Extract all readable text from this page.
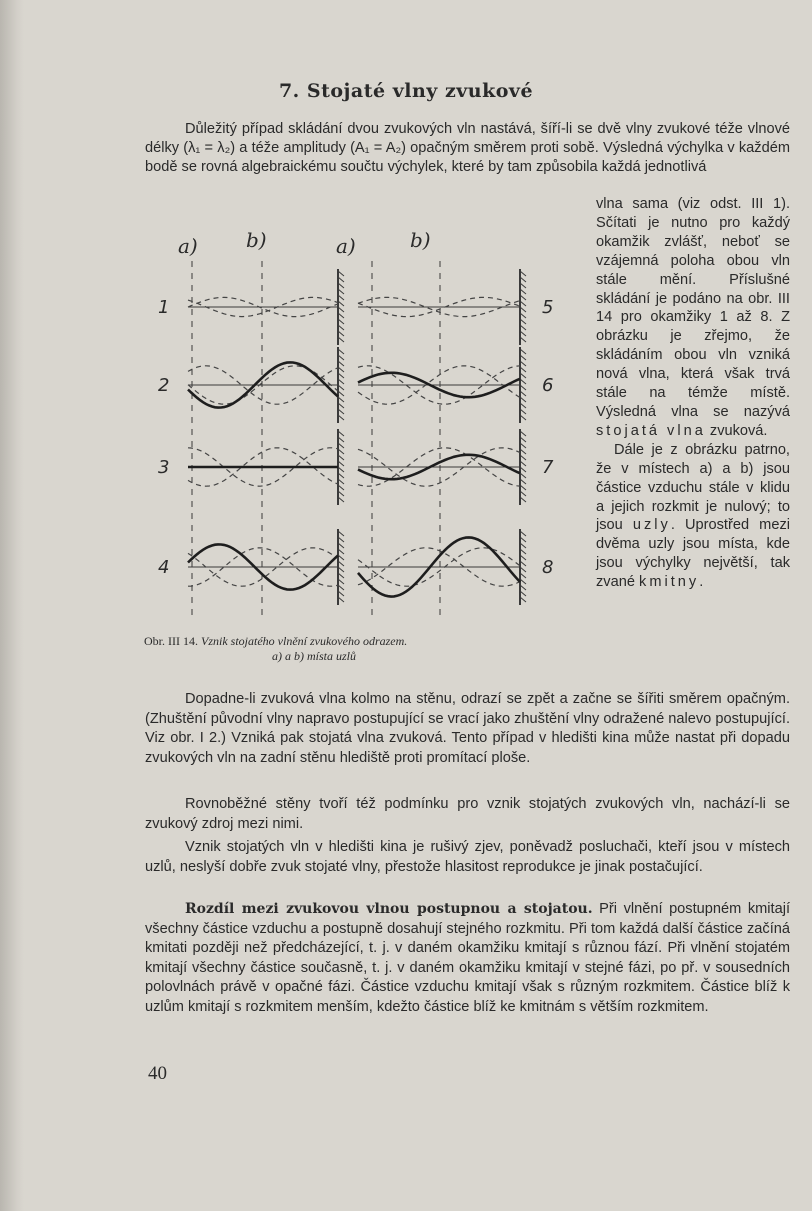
7. Stojaté vlny zvukové
Důležitý případ skládání dvou zvukových vln nastává, šíří-li se dvě vlny zvukové téže vlnové délky (λ₁ = λ₂) a téže amplitudy (A₁ = A₂) opačným směrem proti sobě. Výsledná výchylka v každém bodě se rovná algebraickému součtu výchylek, které by tam způsobila každá jednotlivá

vlna sama (viz odst. III 1). Sčítati je nutno pro každý okamžik zvlášť, neboť se vzájemná poloha obou vln stále mění. Příslušné skládání je podáno na obr. III 14 pro okamžiky 1 až 8. Z obrázku je zřejmo, že skládáním obou vln vzniká nová vlna, která však trvá stále na témže místě. Výsledná vlna se nazývá stojatá vlna zvuková.

Dále je z obrázku patrno, že v místech a) a b) jsou částice vzduchu stále v klidu a jejich rozkmit je nulový; to jsou uzly. Uprostřed mezi dvěma uzly jsou místa, kde jsou výchylky největší, tak zvané kmitny.

a) b)	a)	b)
1	5
2	6
3	7
4	8
Obr. III 14. Vznik stojatého vlnění zvukového odrazem.
a) a b) místa uzlů

Dopadne-li zvuková vlna kolmo na stěnu, odrazí se zpět a začne se šířiti směrem opačným. (Zhuštění původní vlny napravo postupující se vrací jako zhuštění vlny odražené nalevo postupující. Viz obr. I 2.) Vzniká pak stojatá vlna zvuková. Tento případ v hledišti kina může nastat při dopadu zvukových vln na zadní stěnu hlediště proti promítací ploše.

Rovnoběžné stěny tvoří též podmínku pro vznik stojatých zvukových vln, nachází-li se zvukový zdroj mezi nimi.

Vznik stojatých vln v hledišti kina je rušivý zjev, poněvadž posluchači, kteří jsou v místech uzlů, neslyší dobře zvuk stojaté vlny, přestože hlasitost reprodukce je jinak postačující.

Rozdíl mezi zvukovou vlnou postupnou a stojatou. Při vlnění postupném kmitají všechny částice vzduchu a postupně dosahují stejného rozkmitu. Při tom každá další částice začíná kmitati později než předcházející, t. j. v daném okamžiku kmitají s různou fází. Při vlnění stojatém kmitají všechny částice současně, t. j. v daném okamžiku kmitají v stejné fázi, po př. v sousedních polovlnách právě v opačné fázi. Částice vzduchu kmitají však s různým rozkmitem. Částice blíž k uzlům kmitají s rozkmitem menším, kdežto částice blíž ke kmitnám s větším rozkmitem.

40
